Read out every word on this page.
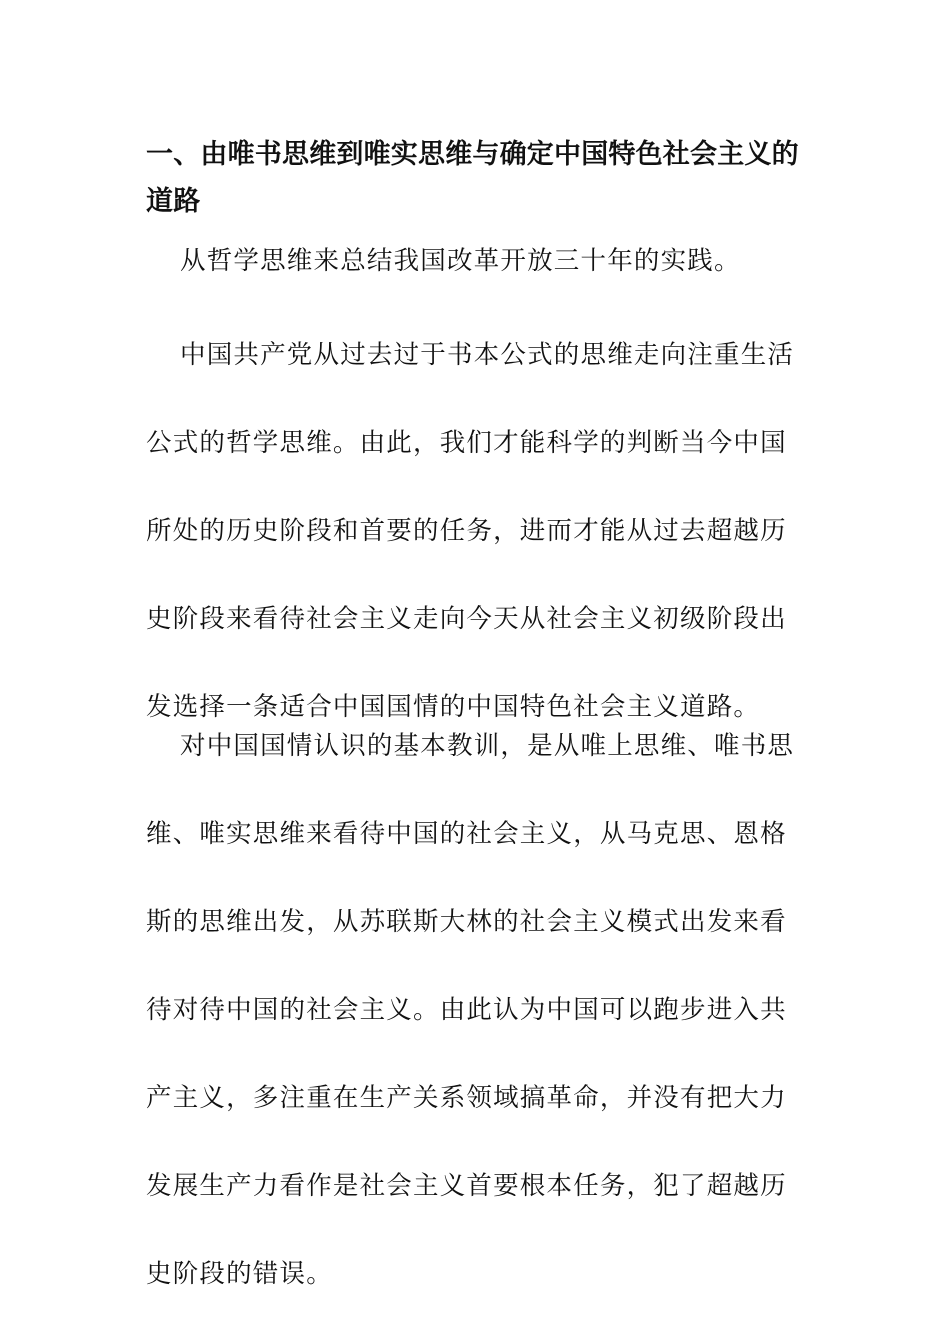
一、由唯书思维到唯实思维与确定中国特色社会主义的道路

从哲学思维来总结我国改革开放三十年的实践。

中国共产党从过去过于书本公式的思维走向注重生活公式的哲学思维。由此，我们才能科学的判断当今中国所处的历史阶段和首要的任务，进而才能从过去超越历史阶段来看待社会主义走向今天从社会主义初级阶段出发选择一条适合中国国情的中国特色社会主义道路。

对中国国情认识的基本教训，是从唯上思维、唯书思维、唯实思维来看待中国的社会主义，从马克思、恩格斯的思维出发，从苏联斯大林的社会主义模式出发来看待对待中国的社会主义。由此认为中国可以跑步进入共产主义，多注重在生产关系领域搞革命，并没有把大力发展生产力看作是社会主义首要根本任务，犯了超越历史阶段的错误。
